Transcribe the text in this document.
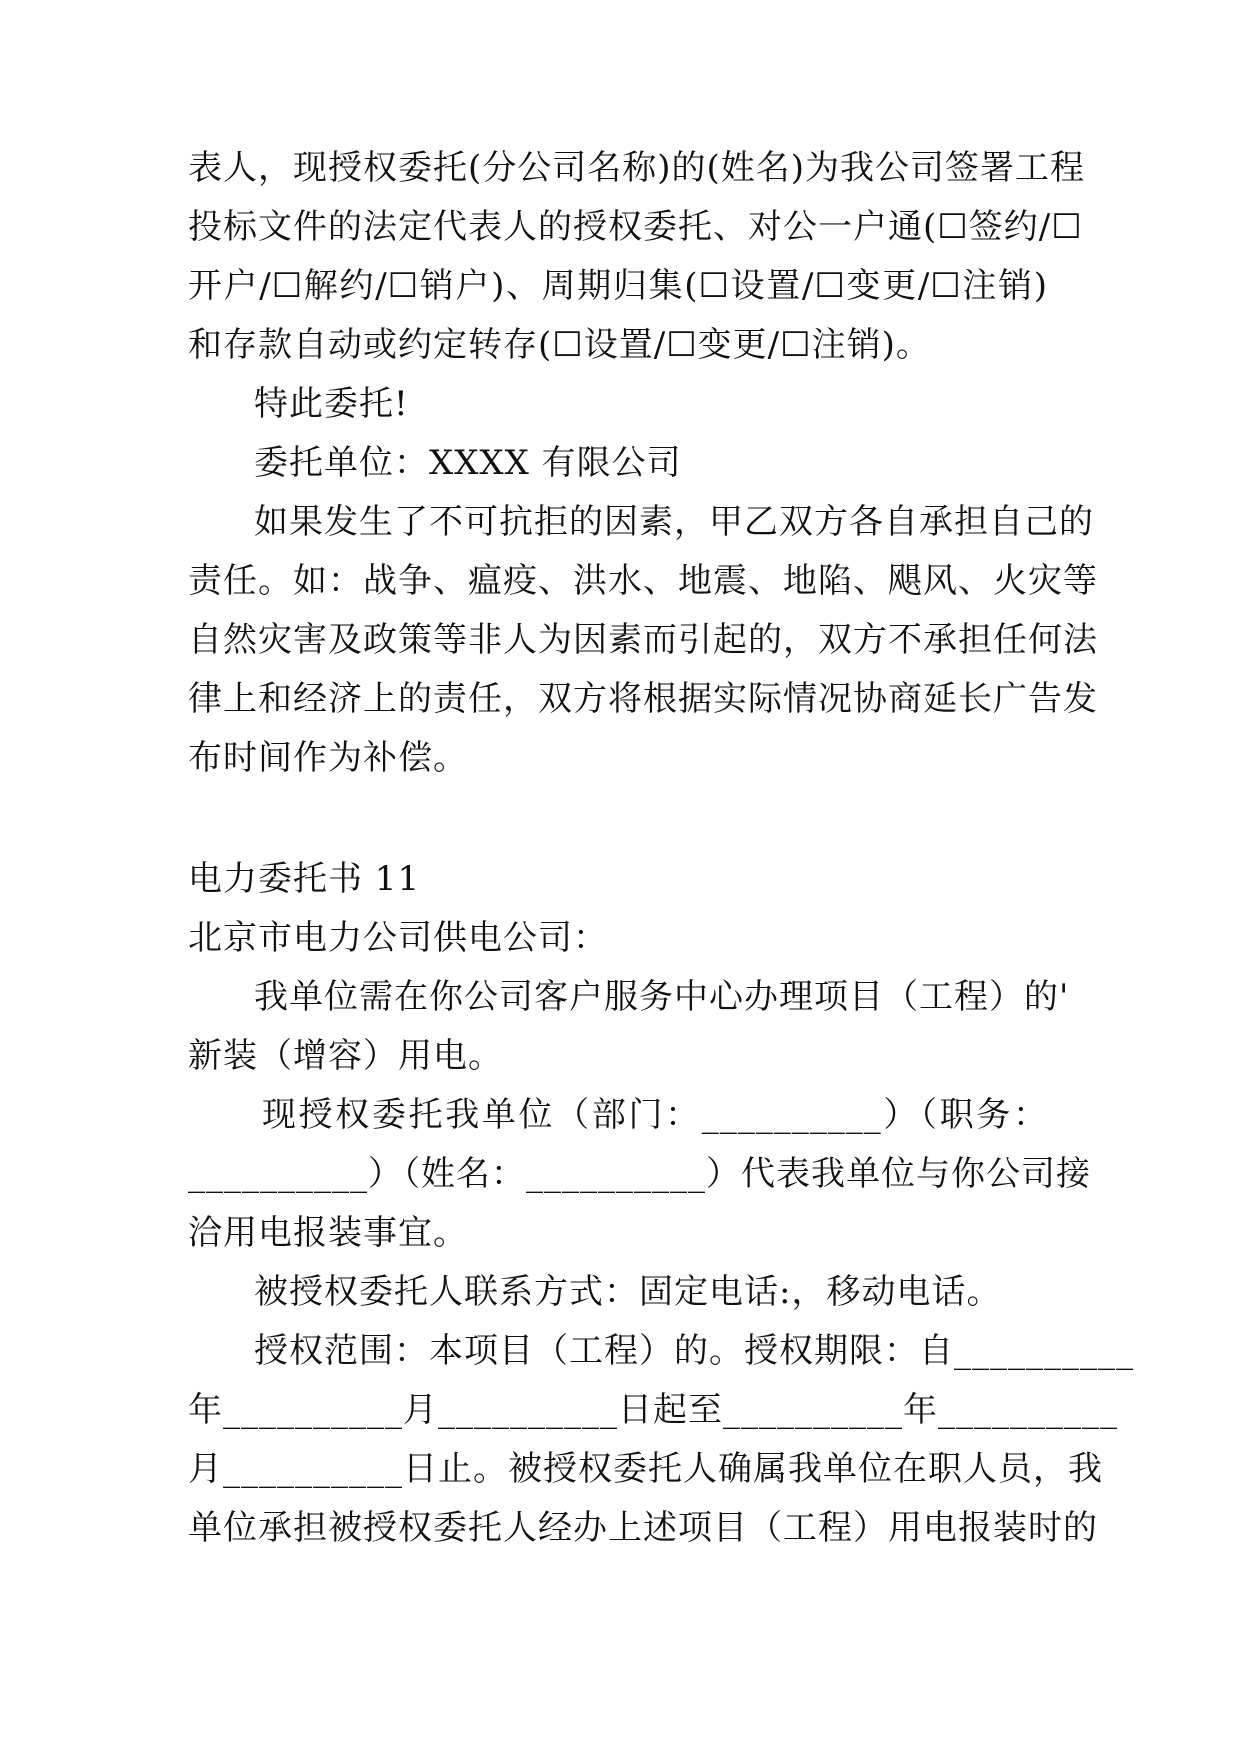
表人，现授权委托(分公司名称)的(姓名)为我公司签署工程
投标文件的法定代表人的授权委托、对公一户通(☐签约/☐
开户/☐解约/☐销户)、周期归集(☐设置/☐变更/☐注销)
和存款自动或约定转存(☐设置/☐变更/☐注销)。
特此委托!
委托单位：XXXX 有限公司
如果发生了不可抗拒的因素，甲乙双方各自承担自己的
责任。如：战争、瘟疫、洪水、地震、地陷、飓风、火灾等
自然灾害及政策等非人为因素而引起的，双方不承担任何法
律上和经济上的责任，双方将根据实际情况协商延长广告发
布时间作为补偿。
电力委托书 11
北京市电力公司供电公司：
我单位需在你公司客户服务中心办理项目（工程）的'
新装（增容）用电。
现授权委托我单位（部门：__________）（职务：
__________）（姓名：__________）代表我单位与你公司接
洽用电报装事宜。
被授权委托人联系方式：固定电话:，移动电话。
授权范围：本项目（工程）的。授权期限：自__________
年__________月__________日起至__________年__________
月__________日止。被授权委托人确属我单位在职人员，我
单位承担被授权委托人经办上述项目（工程）用电报装时的
